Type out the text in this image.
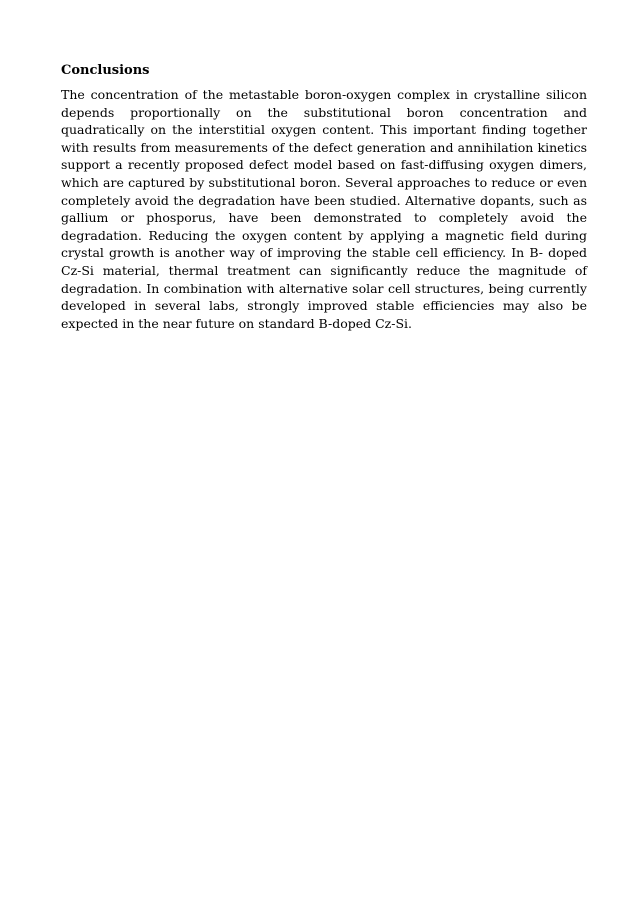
Conclusions

The concentration of the metastable boron-oxygen complex in crystalline silicon depends proportionally on the substitutional boron concentration and quadratically on the interstitial oxygen content. This important finding together with results from measurements of the defect generation and annihilation kinetics support a recently proposed defect model based on fast-diffusing oxygen dimers, which are captured by substitutional boron. Several approaches to reduce or even completely avoid the degradation have been studied. Alternative dopants, such as gallium or phosporus, have been demonstrated to completely avoid the degradation. Reducing the oxygen content by applying a magnetic field during crystal growth is another way of improving the stable cell efficiency. In B- doped Cz-Si material, thermal treatment can significantly reduce the magnitude of degradation. In combination with alternative solar cell structures, being currently developed in several labs, strongly improved stable efficiencies may also be expected in the near future on standard B-doped Cz-Si.
